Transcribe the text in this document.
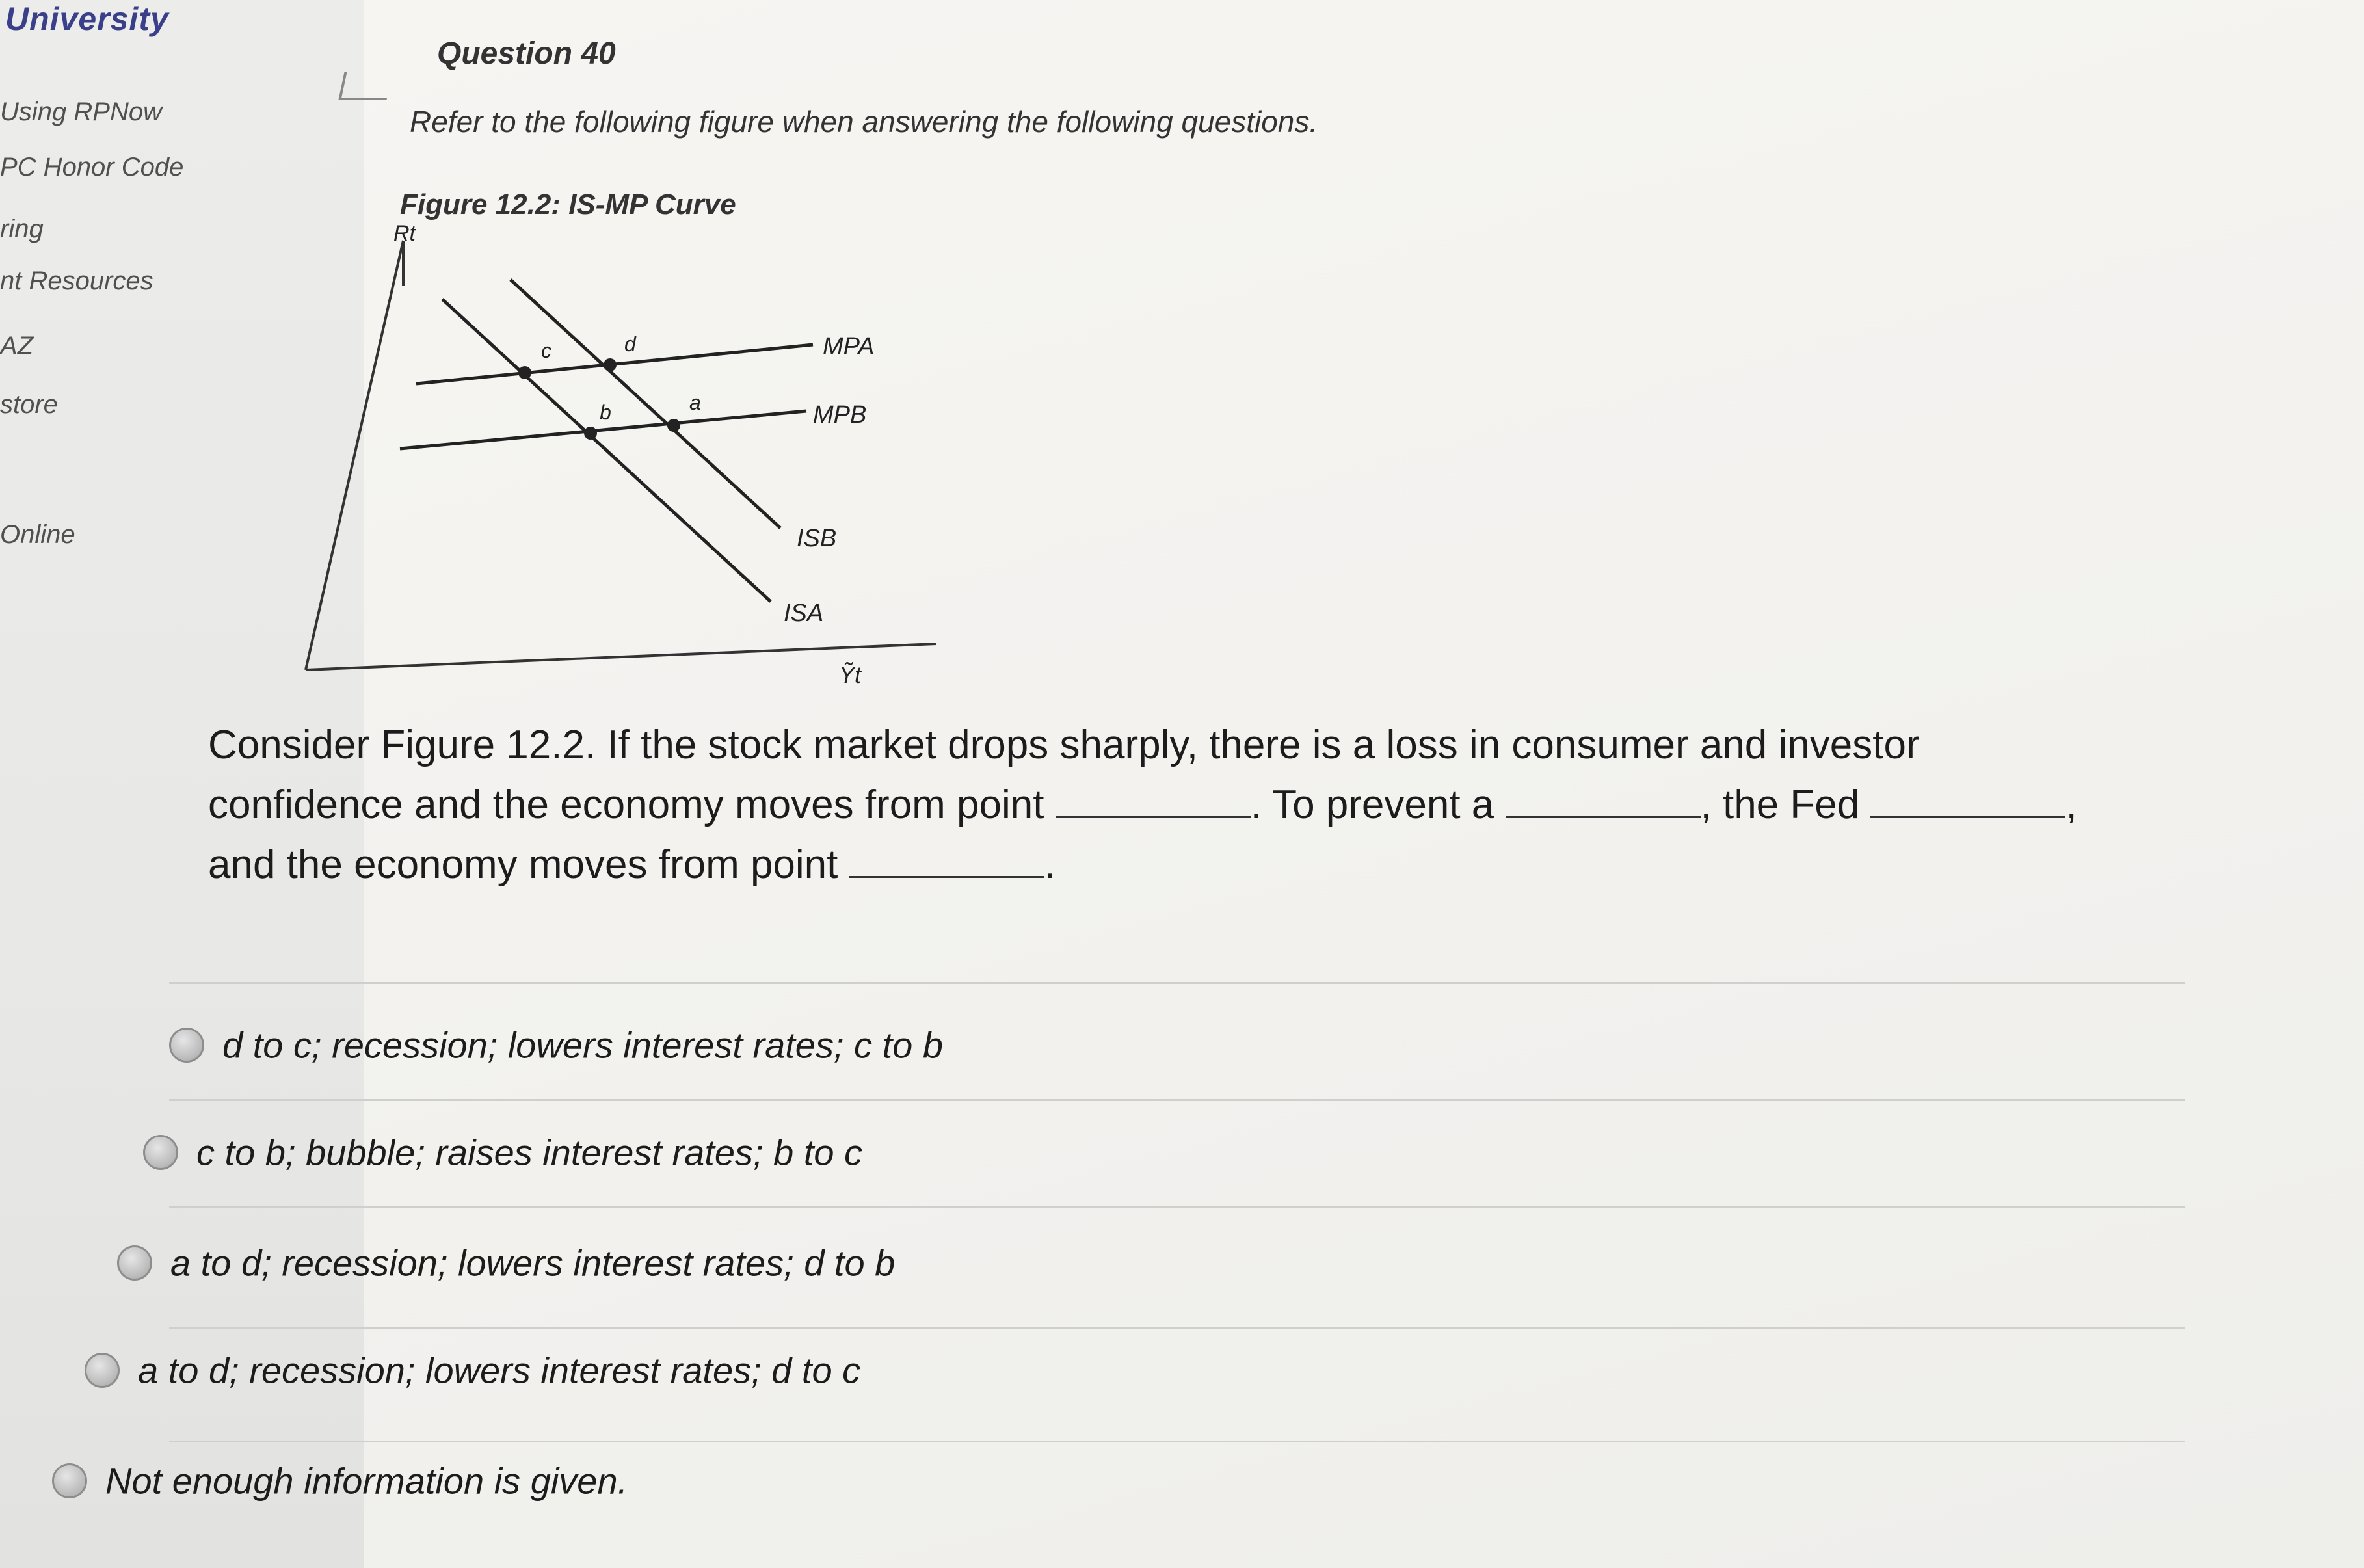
University
Using RPNow
PC Honor Code
ring
nt Resources
AZ
store
Online
Question 40
Refer to the following figure when answering the following questions.
Figure 12.2: IS-MP Curve
Rt
Ỹt
c	d
b	a
MPA
MPB
ISB
ISA
Consider Figure 12.2. If the stock market drops sharply, there is a loss in consumer and investor confidence and the economy moves from point	. To prevent a	, the Fed	, and the economy moves from point	.
d to c; recession; lowers interest rates; c to b
c to b; bubble; raises interest rates; b to c
a to d; recession; lowers interest rates; d to b
a to d; recession; lowers interest rates; d to c
Not enough information is given.
